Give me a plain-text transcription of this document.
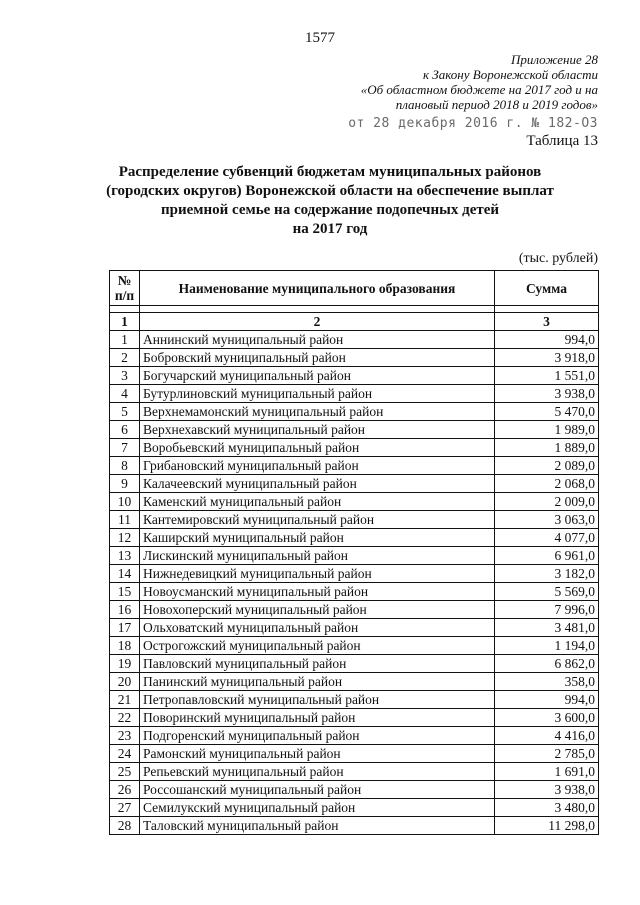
1577
Приложение 28
к Закону Воронежской области
«Об областном бюджете на 2017 год и на
плановый период 2018 и 2019 годов»
от 28 декабря 2016 г. № 182-ОЗ
Таблица 13
Распределение субвенций бюджетам муниципальных районов
(городских округов) Воронежской области на обеспечение выплат
приемной семье на содержание подопечных детей
на 2017 год
(тыс. рублей)
№
п/п	Наименование муниципального образования	Сумма

1	2	3
1	Аннинский муниципальный район	994,0
2	Бобровский муниципальный район	3 918,0
3	Богучарский муниципальный район	1 551,0
4	Бутурлиновский муниципальный район	3 938,0
5	Верхнемамонский муниципальный район	5 470,0
6	Верхнехавский муниципальный район	1 989,0
7	Воробьевский муниципальный район	1 889,0
8	Грибановский муниципальный район	2 089,0
9	Калачеевский муниципальный район	2 068,0
10	Каменский муниципальный район	2 009,0
11	Кантемировский муниципальный район	3 063,0
12	Каширский муниципальный район	4 077,0
13	Лискинский муниципальный район	6 961,0
14	Нижнедевицкий муниципальный район	3 182,0
15	Новоусманский муниципальный район	5 569,0
16	Новохоперский муниципальный район	7 996,0
17	Ольховатский муниципальный район	3 481,0
18	Острогожский муниципальный район	1 194,0
19	Павловский муниципальный район	6 862,0
20	Панинский муниципальный район	358,0
21	Петропавловский муниципальный район	994,0
22	Поворинский муниципальный район	3 600,0
23	Подгоренский муниципальный район	4 416,0
24	Рамонский муниципальный район	2 785,0
25	Репьевский муниципальный район	1 691,0
26	Россошанский муниципальный район	3 938,0
27	Семилукский муниципальный район	3 480,0
28	Таловский муниципальный район	11 298,0
